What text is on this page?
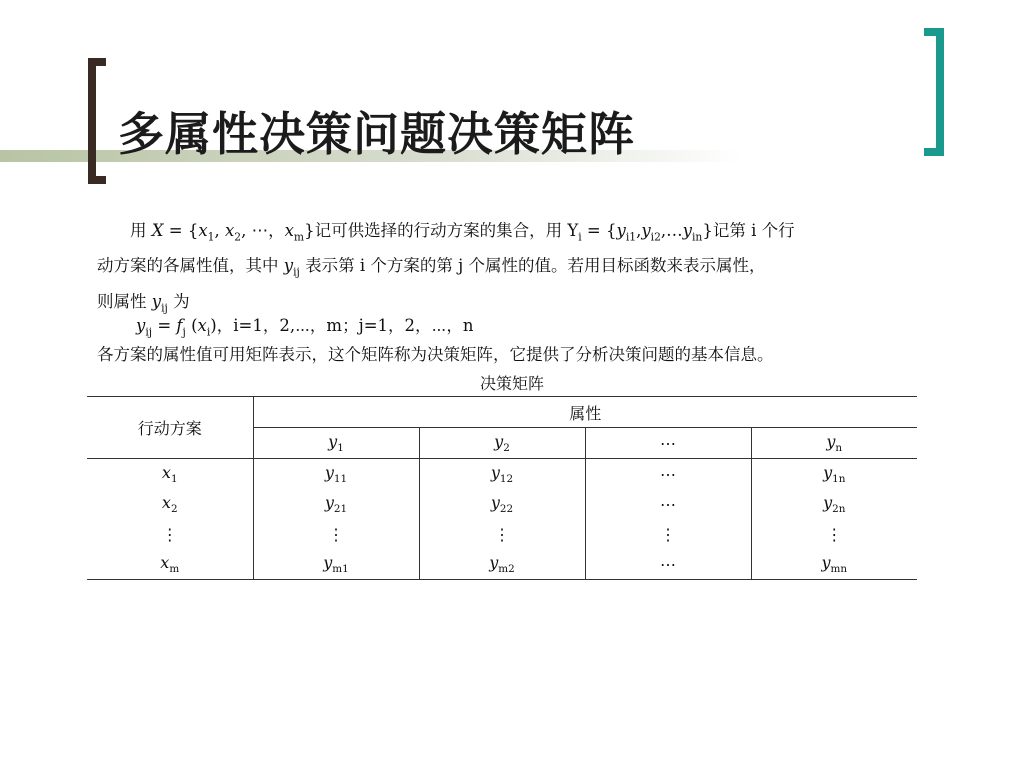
多属性决策问题决策矩阵
用 $X = \{x_1$, $x_2$, ⋯，$x_m$}记可供选择的行动方案的集合，用 $Y_i$ = $\{y_{i1},y_{i2},\dots y_{in}\}$记第 i 个行
动方案的各属性值，其中 $y_{ij}$ 表示第 i 个方案的第 j 个属性的值。若用目标函数来表示属性，
则属性 $y_{ij}$ 为
$y_{ij} = f_j$ $(x_i)$，i=1，2,⋯，m；j=1，2，⋯，n
各方案的属性值可用矩阵表示，这个矩阵称为决策矩阵，它提供了分析决策问题的基本信息。
决策矩阵
行动方案	属性			
	$y_1$	$y_2$	⋯	$y_n$
$x_1$	$y_{11}$	$y_{12}$	⋯	$y_{1n}$
$x_2$	$y_{21}$	$y_{22}$	⋯	$y_{2n}$
⋮	⋮	⋮	⋮	⋮
$x_m$	$y_{m1}$	$y_{m2}$	⋯	$y_{mn}$
